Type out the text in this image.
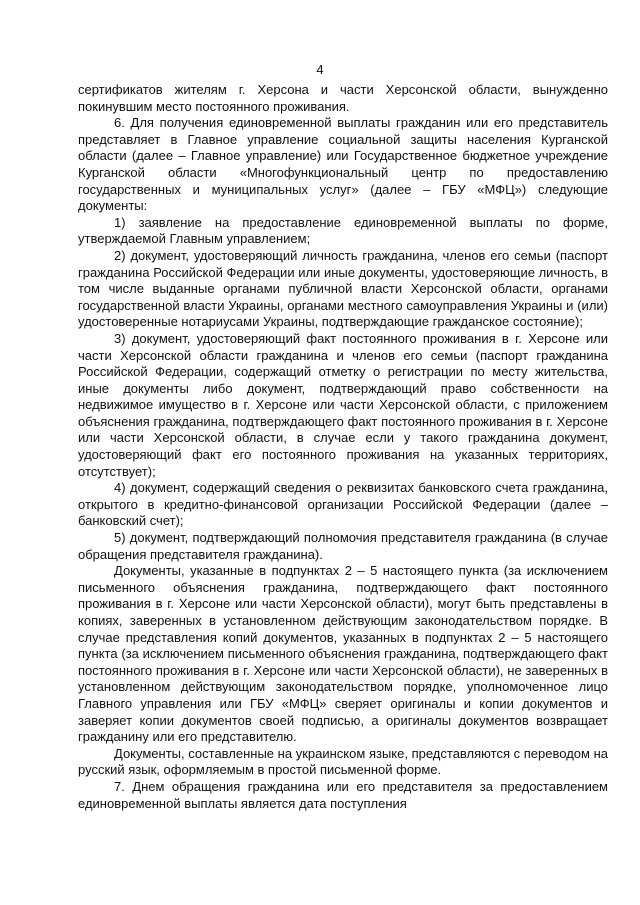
4

сертификатов жителям г. Херсона и части Херсонской области, вынужденно покинувшим место постоянного проживания.

6. Для получения единовременной выплаты гражданин или его представитель представляет в Главное управление социальной защиты населения Курганской области (далее – Главное управление) или Государственное бюджетное учреждение Курганской области «Многофункциональный центр по предоставлению государственных и муниципальных услуг» (далее – ГБУ «МФЦ») следующие документы:

1) заявление на предоставление единовременной выплаты по форме, утверждаемой Главным управлением;

2) документ, удостоверяющий личность гражданина, членов его семьи (паспорт гражданина Российской Федерации или иные документы, удостоверяющие личность, в том числе выданные органами публичной власти Херсонской области, органами государственной власти Украины, органами местного самоуправления Украины и (или) удостоверенные нотариусами Украины, подтверждающие гражданское состояние);

3) документ, удостоверяющий факт постоянного проживания в г. Херсоне или части Херсонской области гражданина и членов его семьи (паспорт гражданина Российской Федерации, содержащий отметку о регистрации по месту жительства, иные документы либо документ, подтверждающий право собственности на недвижимое имущество в г. Херсоне или части Херсонской области, с приложением объяснения гражданина, подтверждающего факт постоянного проживания в г. Херсоне или части Херсонской области, в случае если у такого гражданина документ, удостоверяющий факт его постоянного проживания на указанных территориях, отсутствует);

4) документ, содержащий сведения о реквизитах банковского счета гражданина, открытого в кредитно-финансовой организации Российской Федерации (далее – банковский счет);

5) документ, подтверждающий полномочия представителя гражданина (в случае обращения представителя гражданина).

Документы, указанные в подпунктах 2 – 5 настоящего пункта (за исключением письменного объяснения гражданина, подтверждающего факт постоянного проживания в г. Херсоне или части Херсонской области), могут быть представлены в копиях, заверенных в установленном действующим законодательством порядке. В случае представления копий документов, указанных в подпунктах 2 – 5 настоящего пункта (за исключением письменного объяснения гражданина, подтверждающего факт постоянного проживания в г. Херсоне или части Херсонской области), не заверенных в установленном действующим законодательством порядке, уполномоченное лицо Главного управления или ГБУ «МФЦ» сверяет оригиналы и копии документов и заверяет копии документов своей подписью, а оригиналы документов возвращает гражданину или его представителю.

Документы, составленные на украинском языке, представляются с переводом на русский язык, оформляемым в простой письменной форме.

7. Днем обращения гражданина или его представителя за предоставлением единовременной выплаты является дата поступления
